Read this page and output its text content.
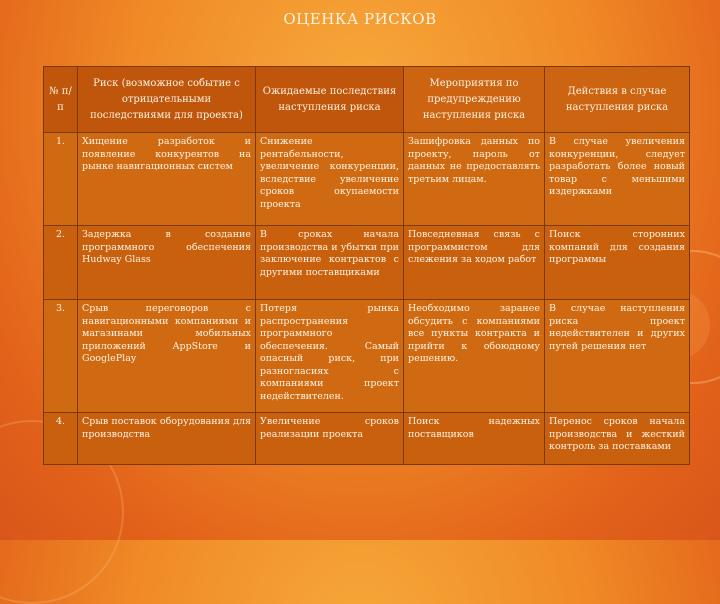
ОЦЕНКА РИСКОВ
№ п/п	Риск (возможное событие с отрицательными последствиями для проекта)	Ожидаемые последствия наступления риска	Мероприятия по предупреждению наступления риска	Действия в случае наступления риска
1.	Хищение разработок и появление конкурентов на рынке навигационных систем	Снижение рентабельности, увеличение конкуренции, вследствие увеличение сроков окупаемости проекта	Зашифровка данных по проекту, пароль от данных не предоставлять третьим лицам.	В случае увеличения конкуренции, следует разработать более новый товар с меньшими издержками
2.	Задержка в создание программного обеспечения Hudway Glass	В сроках начала производства и убытки при заключение контрактов с другими поставщиками	Повседневная связь с программистом для слежения за ходом работ	Поиск сторонних компаний для создания программы
3.	Срыв переговоров с навигационными компаниями и магазинами мобильных приложений AppStore и GooglePlay	Потеря рынка распространения программного обеспечения. Самый опасный риск, при разногласиях с компаниями проект недействителен.	Необходимо заранее обсудить с компаниями все пункты контракта и прийти к обоюдному решению.	В случае наступления риска проект недействителен и других путей решения нет
4.	Срыв поставок оборудования для производства	Увеличение сроков реализации проекта	Поиск надежных поставщиков	Перенос сроков начала производства и жесткий контроль за поставками
